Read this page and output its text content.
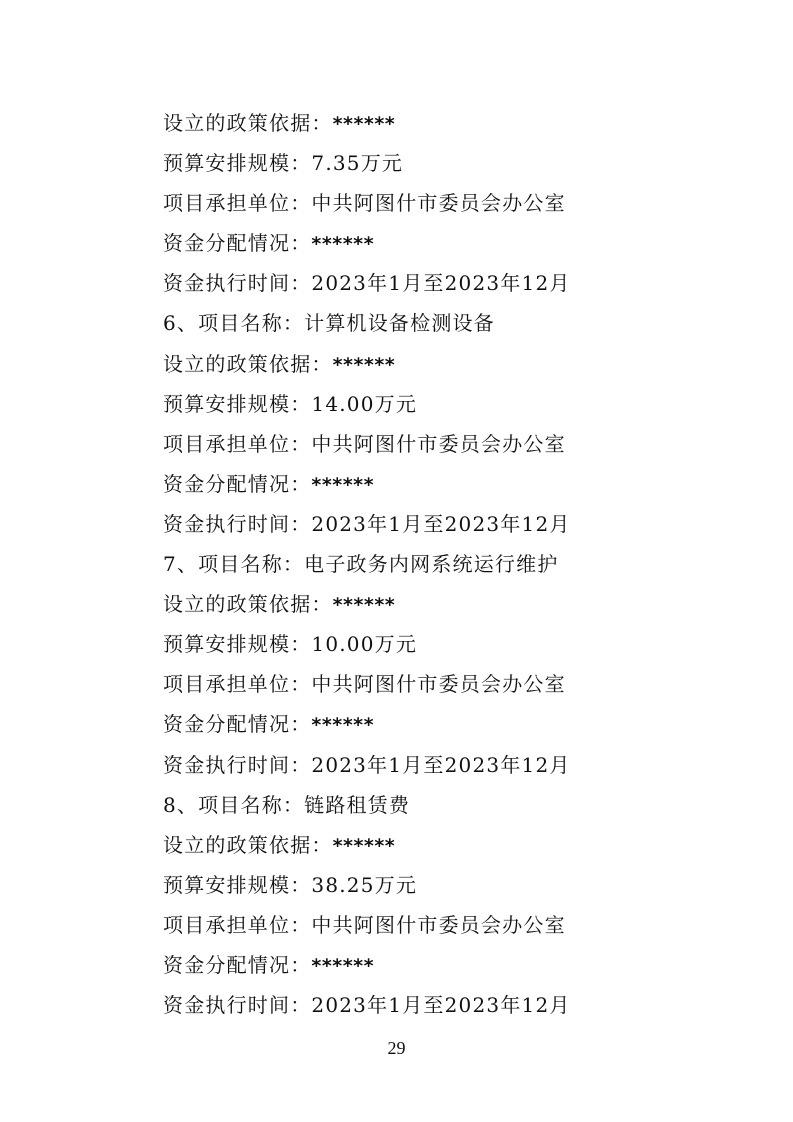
设立的政策依据：******
预算安排规模：7.35万元
项目承担单位：中共阿图什市委员会办公室
资金分配情况：******
资金执行时间：2023年1月至2023年12月
6、项目名称：计算机设备检测设备
设立的政策依据：******
预算安排规模：14.00万元
项目承担单位：中共阿图什市委员会办公室
资金分配情况：******
资金执行时间：2023年1月至2023年12月
7、项目名称：电子政务内网系统运行维护
设立的政策依据：******
预算安排规模：10.00万元
项目承担单位：中共阿图什市委员会办公室
资金分配情况：******
资金执行时间：2023年1月至2023年12月
8、项目名称：链路租赁费
设立的政策依据：******
预算安排规模：38.25万元
项目承担单位：中共阿图什市委员会办公室
资金分配情况：******
资金执行时间：2023年1月至2023年12月
29
